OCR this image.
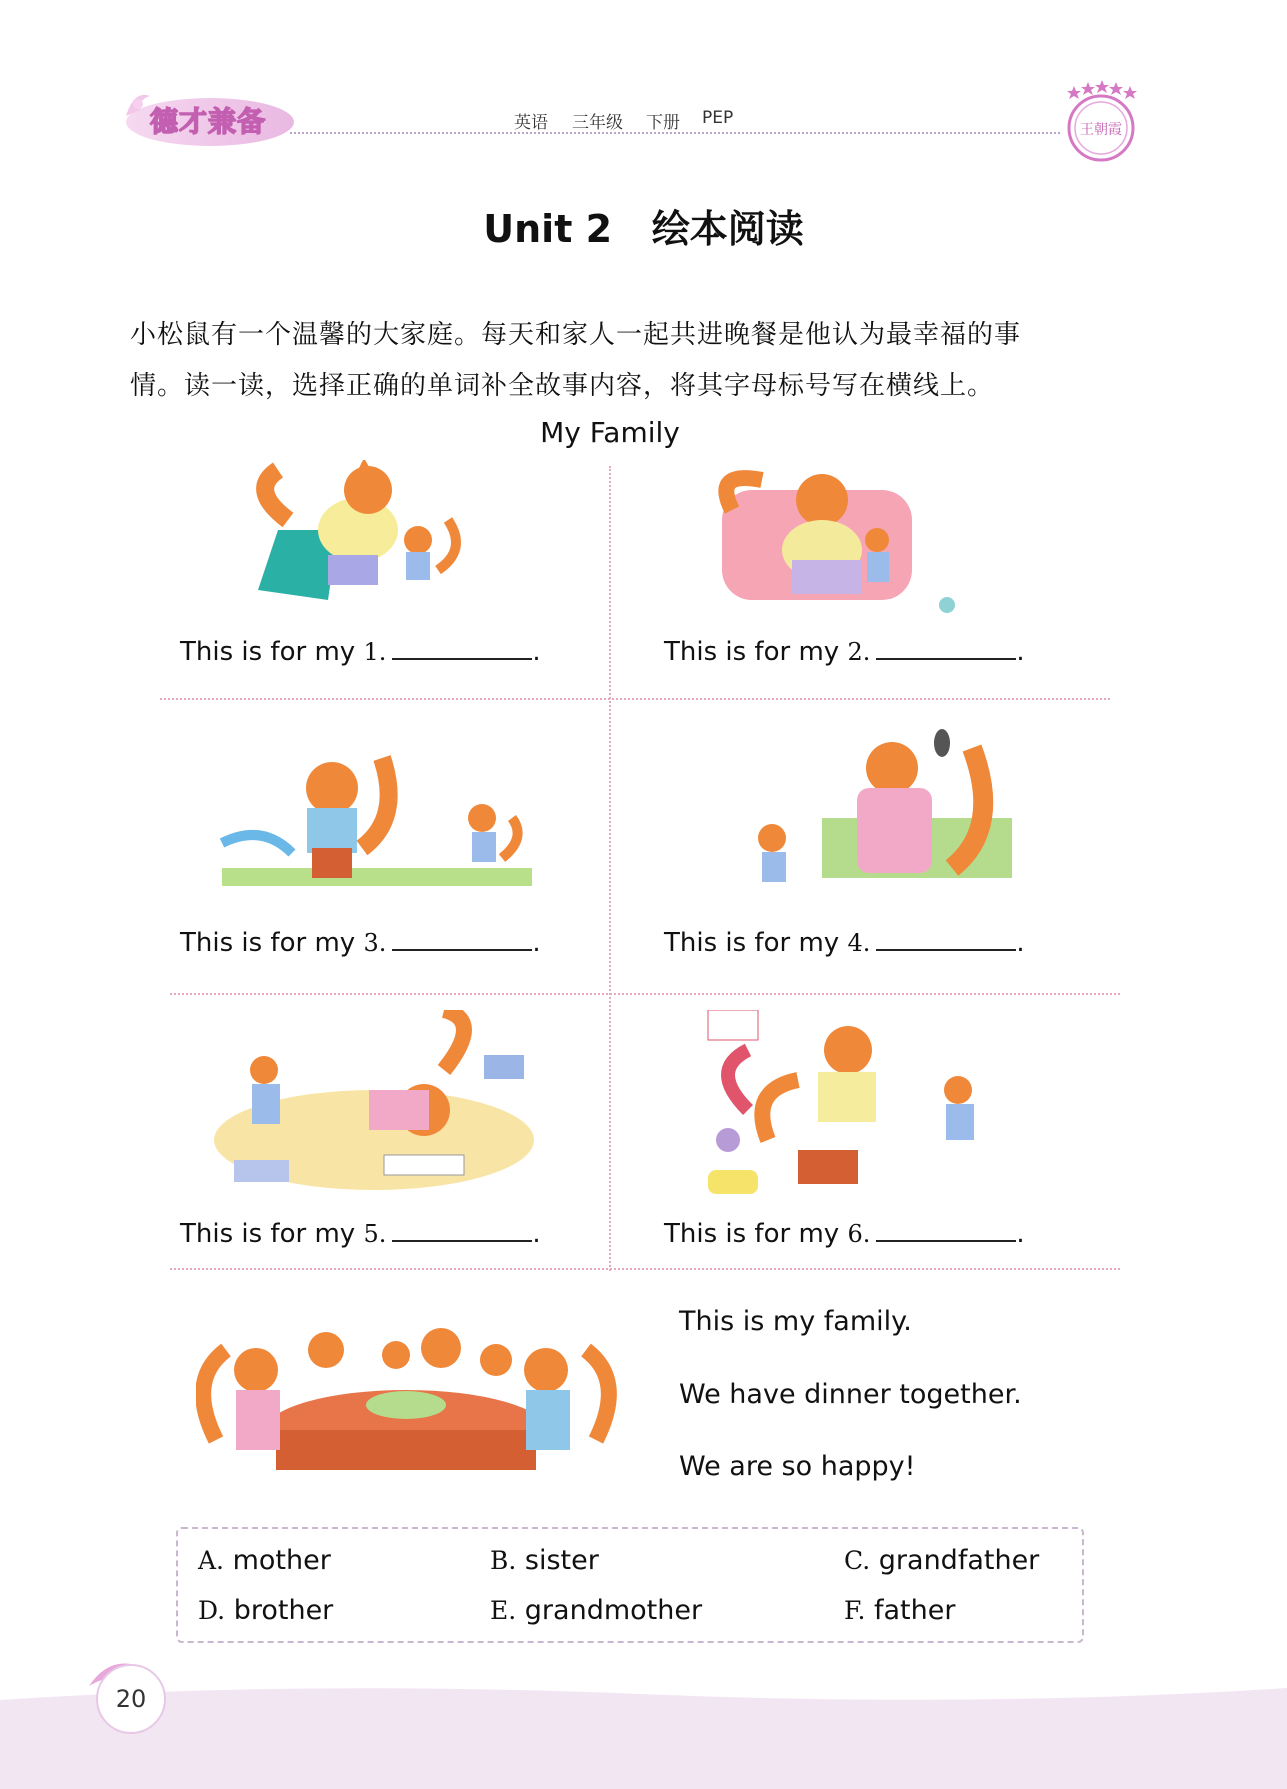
德才兼备	英语 三年级 下册 PEP
王朝霞
Unit 2   绘本阅读
小松鼠有一个温馨的大家庭。每天和家人一起共进晚餐是他认为最幸福的事
情。读一读，选择正确的单词补全故事内容，将其字母标号写在横线上。
My Family
This is for my 1.	.	This is for my 2.	.
This is for my 3.	.	This is for my 4.	.
This is for my 5.	.	This is for my 6.	.
This is my family.
We have dinner together.
We are so happy!
A. mother	B. sister	C. grandfather
D. brother	E. grandmother	F. father
20
